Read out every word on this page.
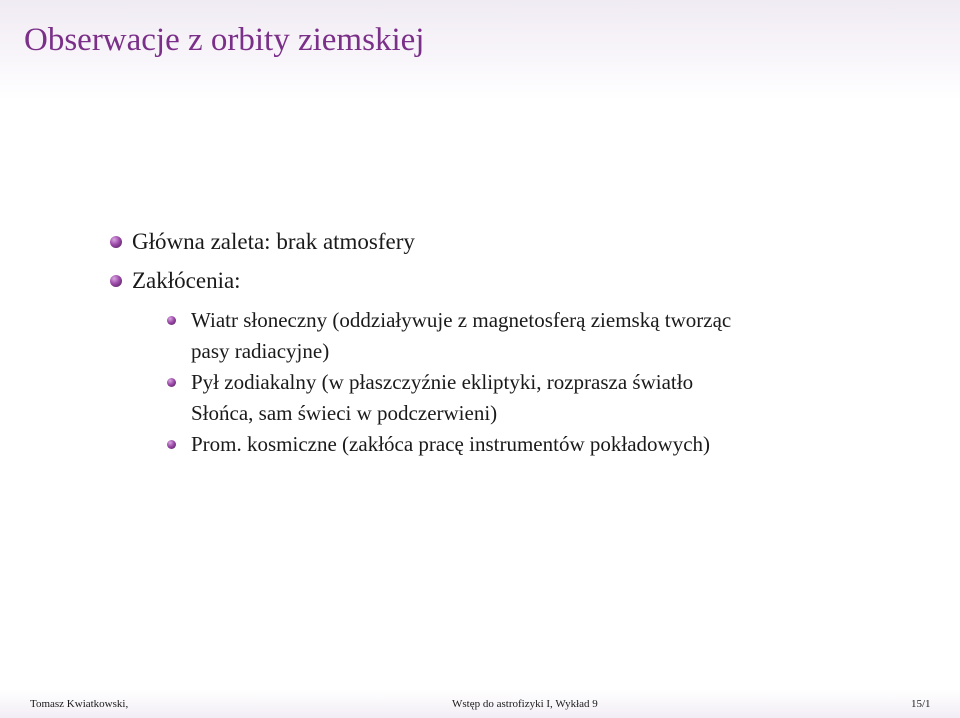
Obserwacje z orbity ziemskiej
Główna zaleta: brak atmosfery
Zakłócenia:
Wiatr słoneczny (oddziaływuje z magnetosferą ziemską tworząc
pasy radiacyjne)
Pył zodiakalny (w płaszczyźnie ekliptyki, rozprasza światło
Słońca, sam świeci w podczerwieni)
Prom. kosmiczne (zakłóca pracę instrumentów pokładowych)
Tomasz Kwiatkowski,	Wstęp do astrofizyki I, Wykład 9	15/1
